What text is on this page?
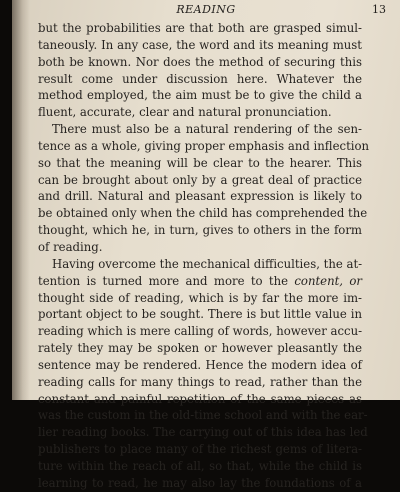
READING	13
but the probabilities are that both are grasped simul-
taneously. In any case, the word and its meaning must
both be known. Nor does the method of securing this
result come under discussion here. Whatever the
method employed, the aim must be to give the child a
fluent, accurate, clear and natural pronunciation.
There must also be a natural rendering of the sen-
tence as a whole, giving proper emphasis and inflection
so that the meaning will be clear to the hearer. This
can be brought about only by a great deal of practice
and drill. Natural and pleasant expression is likely to
be obtained only when the child has comprehended the
thought, which he, in turn, gives to others in the form
of reading.
Having overcome the mechanical difficulties, the at-
tention is turned more and more to the content, or
thought side of reading, which is by far the more im-
portant object to be sought. There is but little value in
reading which is mere calling of words, however accu-
rately they may be spoken or however pleasantly the
sentence may be rendered. Hence the modern idea of
reading calls for many things to read, rather than the
constant and painful repetition of the same pieces as
was the custom in the old-time school and with the ear-
lier reading books. The carrying out of this idea has led
publishers to place many of the richest gems of litera-
ture within the reach of all, so that, while the child is
learning to read, he may also lay the foundations of a
